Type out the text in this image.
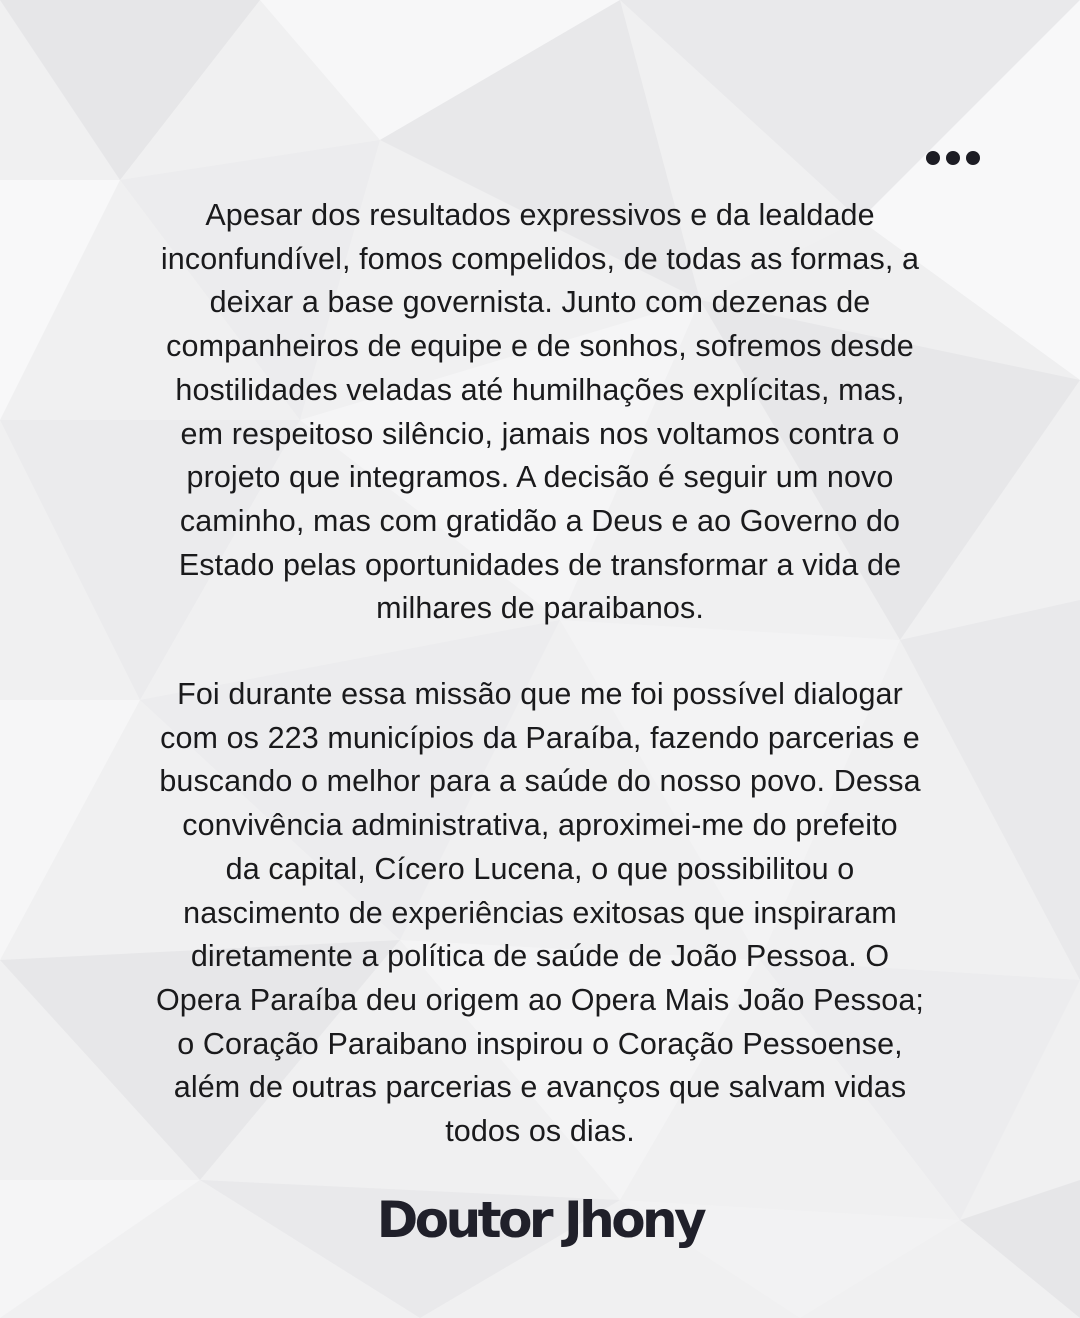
Apesar dos resultados expressivos e da lealdade
inconfundível, fomos compelidos, de todas as formas, a
deixar a base governista. Junto com dezenas de
companheiros de equipe e de sonhos, sofremos desde
hostilidades veladas até humilhações explícitas, mas,
em respeitoso silêncio, jamais nos voltamos contra o
projeto que integramos. A decisão é seguir um novo
caminho, mas com gratidão a Deus e ao Governo do
Estado pelas oportunidades de transformar a vida de
milhares de paraibanos.
Foi durante essa missão que me foi possível dialogar
com os 223 municípios da Paraíba, fazendo parcerias e
buscando o melhor para a saúde do nosso povo. Dessa
convivência administrativa, aproximei-me do prefeito
da capital, Cícero Lucena, o que possibilitou o
nascimento de experiências exitosas que inspiraram
diretamente a política de saúde de João Pessoa. O
Opera Paraíba deu origem ao Opera Mais João Pessoa;
o Coração Paraibano inspirou o Coração Pessoense,
além de outras parcerias e avanços que salvam vidas
todos os dias.
Doutor Jhony
